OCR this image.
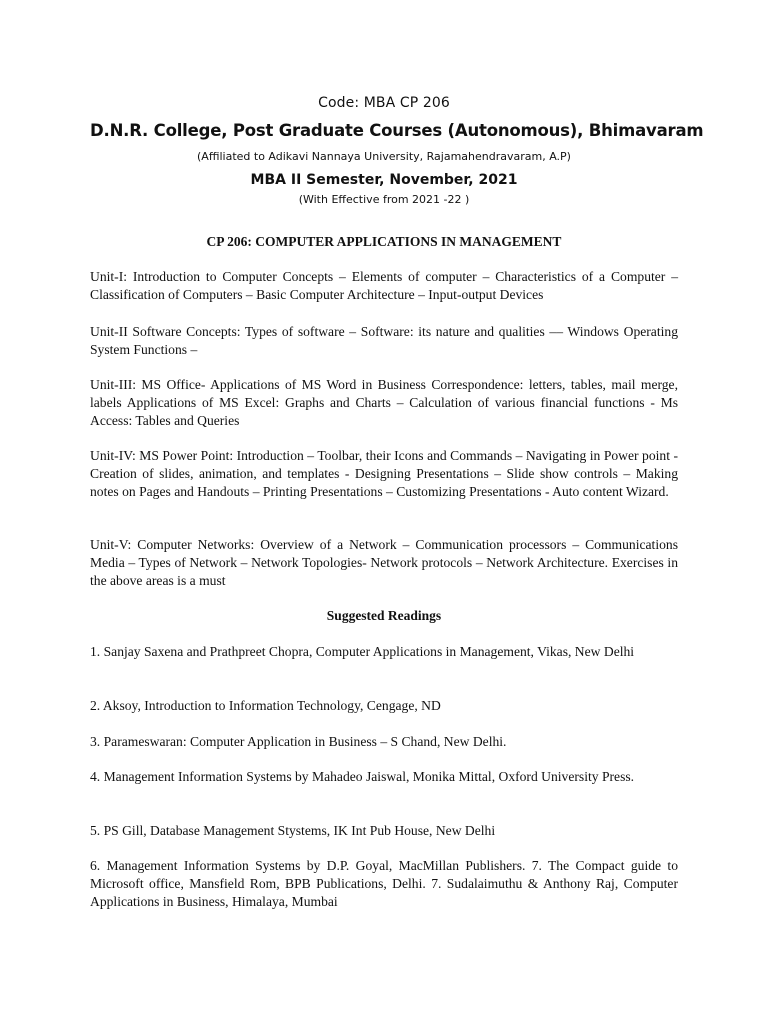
Code: MBA CP 206
D.N.R. College, Post Graduate Courses (Autonomous), Bhimavaram
(Affiliated to Adikavi Nannaya University, Rajamahendravaram, A.P)
MBA II Semester, November, 2021
(With Effective from 2021 -22 )
CP 206: COMPUTER APPLICATIONS IN MANAGEMENT

Unit-I: Introduction to Computer Concepts – Elements of computer – Characteristics of a Computer – Classification of Computers – Basic Computer Architecture – Input-output Devices

Unit-II Software Concepts: Types of software – Software: its nature and qualities –– Windows Operating System Functions –

Unit-III: MS Office- Applications of MS Word in Business Correspondence: letters, tables, mail merge, labels Applications of MS Excel: Graphs and Charts – Calculation of various financial functions - Ms Access: Tables and Queries

Unit-IV: MS Power Point: Introduction – Toolbar, their Icons and Commands – Navigating in Power point - Creation of slides, animation, and templates - Designing Presentations – Slide show controls – Making notes on Pages and Handouts – Printing Presentations – Customizing Presentations - Auto content Wizard.

Unit-V: Computer Networks: Overview of a Network – Communication processors – Communications Media – Types of Network – Network Topologies- Network protocols – Network Architecture. Exercises in the above areas is a must

Suggested Readings

1. Sanjay Saxena and Prathpreet Chopra, Computer Applications in Management, Vikas, New Delhi

2. Aksoy, Introduction to Information Technology, Cengage, ND

3. Parameswaran: Computer Application in Business – S Chand, New Delhi.

4. Management Information Systems by Mahadeo Jaiswal, Monika Mittal, Oxford University Press.

5. PS Gill, Database Management Stystems, IK Int Pub House, New Delhi

6. Management Information Systems by D.P. Goyal, MacMillan Publishers. 7. The Compact guide to Microsoft office, Mansfield Rom, BPB Publications, Delhi. 7. Sudalaimuthu & Anthony Raj, Computer Applications in Business, Himalaya, Mumbai
